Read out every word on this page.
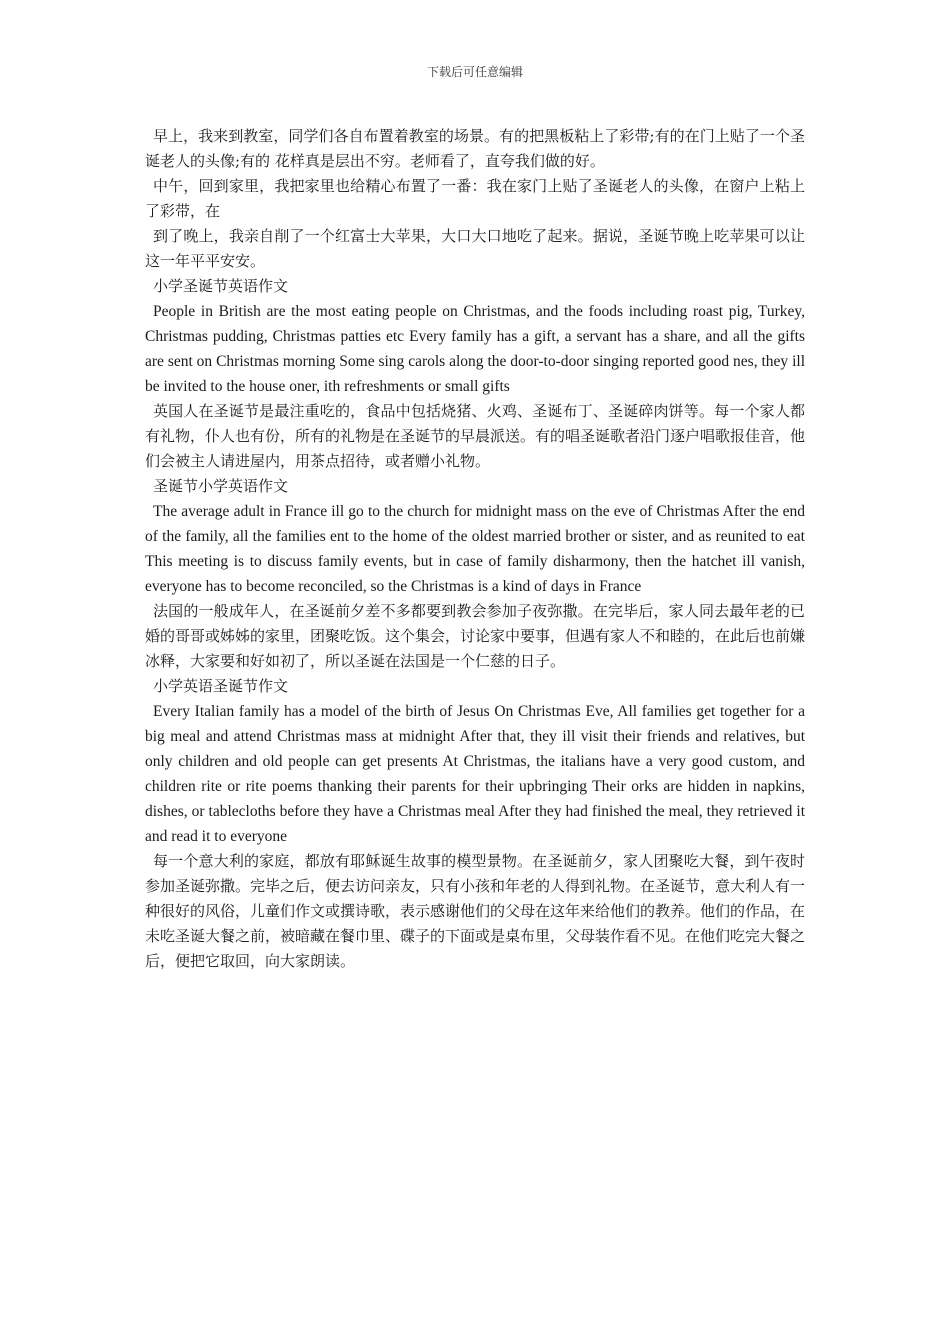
下载后可任意编辑

早上，我来到教室，同学们各自布置着教室的场景。有的把黑板粘上了彩带;有的在门上贴了一个圣诞老人的头像;有的 花样真是层出不穷。老师看了，直夸我们做的好。

中午，回到家里，我把家里也给精心布置了一番：我在家门上贴了圣诞老人的头像，在窗户上粘上了彩带，在

到了晚上，我亲自削了一个红富士大苹果，大口大口地吃了起来。据说，圣诞节晚上吃苹果可以让这一年平平安安。

小学圣诞节英语作文

People in British are the most eating people on Christmas, and the foods including roast pig, Turkey, Christmas pudding, Christmas patties etc Every family has a gift, a servant has a share, and all the gifts are sent on Christmas morning Some sing carols along the door-to-door singing reported good nes, they ill be invited to the house oner, ith refreshments or small gifts

英国人在圣诞节是最注重吃的，食品中包括烧猪、火鸡、圣诞布丁、圣诞碎肉饼等。每一个家人都有礼物，仆人也有份，所有的礼物是在圣诞节的早晨派送。有的唱圣诞歌者沿门逐户唱歌报佳音，他们会被主人请进屋内，用茶点招待，或者赠小礼物。

圣诞节小学英语作文

The average adult in France ill go to the church for midnight mass on the eve of Christmas After the end of the family, all the families ent to the home of the oldest married brother or sister, and as reunited to eat This meeting is to discuss family events, but in case of family disharmony, then the hatchet ill vanish, everyone has to become reconciled, so the Christmas is a kind of days in France

法国的一般成年人，在圣诞前夕差不多都要到教会参加子夜弥撒。在完毕后，家人同去最年老的已婚的哥哥或姊姊的家里，团聚吃饭。这个集会，讨论家中要事，但遇有家人不和睦的，在此后也前嫌冰释，大家要和好如初了，所以圣诞在法国是一个仁慈的日子。

小学英语圣诞节作文

Every Italian family has a model of the birth of Jesus On Christmas Eve, All families get together for a big meal and attend Christmas mass at midnight After that, they ill visit their friends and relatives, but only children and old people can get presents At Christmas, the italians have a very good custom, and children rite or rite poems thanking their parents for their upbringing Their orks are hidden in napkins, dishes, or tablecloths before they have a Christmas meal After they had finished the meal, they retrieved it and read it to everyone

每一个意大利的家庭，都放有耶稣诞生故事的模型景物。在圣诞前夕，家人团聚吃大餐，到午夜时参加圣诞弥撒。完毕之后，便去访问亲友，只有小孩和年老的人得到礼物。在圣诞节，意大利人有一种很好的风俗，儿童们作文或撰诗歌，表示感谢他们的父母在这年来给他们的教养。他们的作品，在未吃圣诞大餐之前，被暗藏在餐巾里、碟子的下面或是桌布里，父母装作看不见。在他们吃完大餐之后，便把它取回，向大家朗读。
